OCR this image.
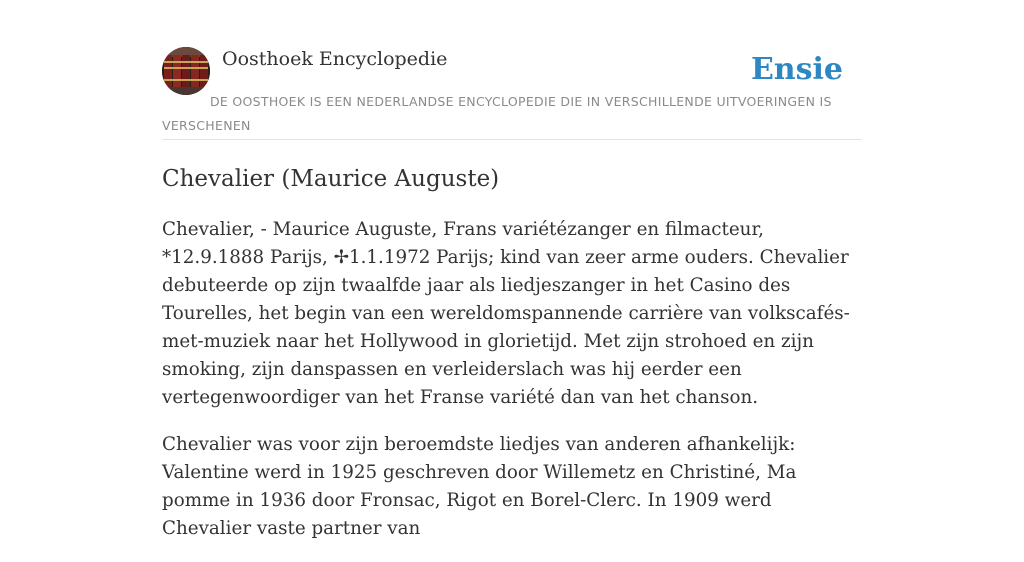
Oosthoek Encyclopedie	Ensie
DE OOSTHOEK IS EEN NEDERLANDSE ENCYCLOPEDIE DIE IN VERSCHILLENDE UITVOERINGEN IS VERSCHENEN
Chevalier (Maurice Auguste)

Chevalier, - Maurice Auguste, Frans variétézanger en filmacteur, *12.9.1888 Parijs, ✢1.1.1972 Parijs; kind van zeer arme ouders. Chevalier debuteerde op zijn twaalfde jaar als liedjeszanger in het Casino des Tourelles, het begin van een wereldomspannende carrière van volkscafés-met-muziek naar het Hollywood in glorietijd. Met zijn strohoed en zijn smoking, zijn danspassen en verleiderslach was hij eerder een vertegenwoordiger van het Franse variété dan van het chanson.

Chevalier was voor zijn beroemdste liedjes van anderen afhankelijk: Valentine werd in 1925 geschreven door Willemetz en Christiné, Ma pomme in 1936 door Fronsac, Rigot en Borel-Clerc. In 1909 werd Chevalier vaste partner van
